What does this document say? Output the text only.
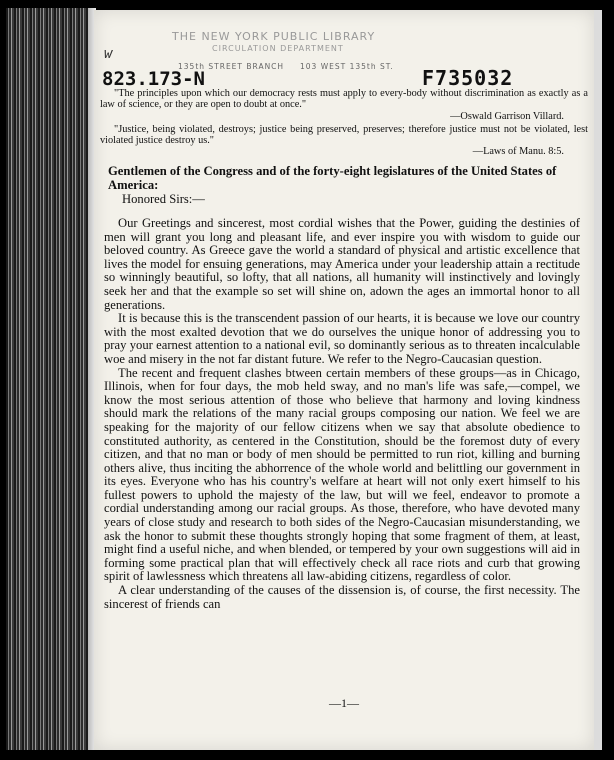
THE NEW YORK PUBLIC LIBRARY
CIRCULATION DEPARTMENT
w
135th STREET BRANCH 103 WEST 135th ST.
823.173-N	F735032
"The principles upon which our democracy rests must apply to every-body without discrimination as exactly as a law of science, or they are open to doubt at once."
—Oswald Garrison Villard.
"Justice, being violated, destroys; justice being preserved, preserves; therefore justice must not be violated, lest violated justice destroy us."
—Laws of Manu. 8:5.
Gentlemen of the Congress and of the forty-eight legislatures of the United States of America:
Honored Sirs:—

Our Greetings and sincerest, most cordial wishes that the Power, guiding the destinies of men will grant you long and pleasant life, and ever inspire you with wisdom to guide our beloved country. As Greece gave the world a standard of physical and artistic excellence that lives the model for ensuing generations, may America under your leadership attain a rectitude so winningly beautiful, so lofty, that all nations, all humanity will instinctively and lovingly seek her and that the example so set will shine on, adown the ages an immortal honor to all generations.

It is because this is the transcendent passion of our hearts, it is because we love our country with the most exalted devotion that we do ourselves the unique honor of addressing you to pray your earnest attention to a national evil, so dominantly serious as to threaten incalculable woe and misery in the not far distant future. We refer to the Negro-Caucasian question.

The recent and frequent clashes btween certain members of these groups—as in Chicago, Illinois, when for four days, the mob held sway, and no man's life was safe,—compel, we know the most serious attention of those who believe that harmony and loving kindness should mark the relations of the many racial groups composing our nation. We feel we are speaking for the majority of our fellow citizens when we say that absolute obedience to constituted authority, as centered in the Constitution, should be the foremost duty of every citizen, and that no man or body of men should be permitted to run riot, killing and burning others alive, thus inciting the abhorrence of the whole world and belittling our government in its eyes. Everyone who has his country's welfare at heart will not only exert himself to his fullest powers to uphold the majesty of the law, but will we feel, endeavor to promote a cordial understanding among our racial groups. As those, therefore, who have devoted many years of close study and research to both sides of the Negro-Caucasian misunderstanding, we ask the honor to submit these thoughts strongly hoping that some fragment of them, at least, might find a useful niche, and when blended, or tempered by your own suggestions will aid in forming some practical plan that will effectively check all race riots and curb that growing spirit of lawlessness which threatens all law-abiding citizens, regardless of color.

A clear understanding of the causes of the dissension is, of course, the first necessity. The sincerest of friends can

—1—
